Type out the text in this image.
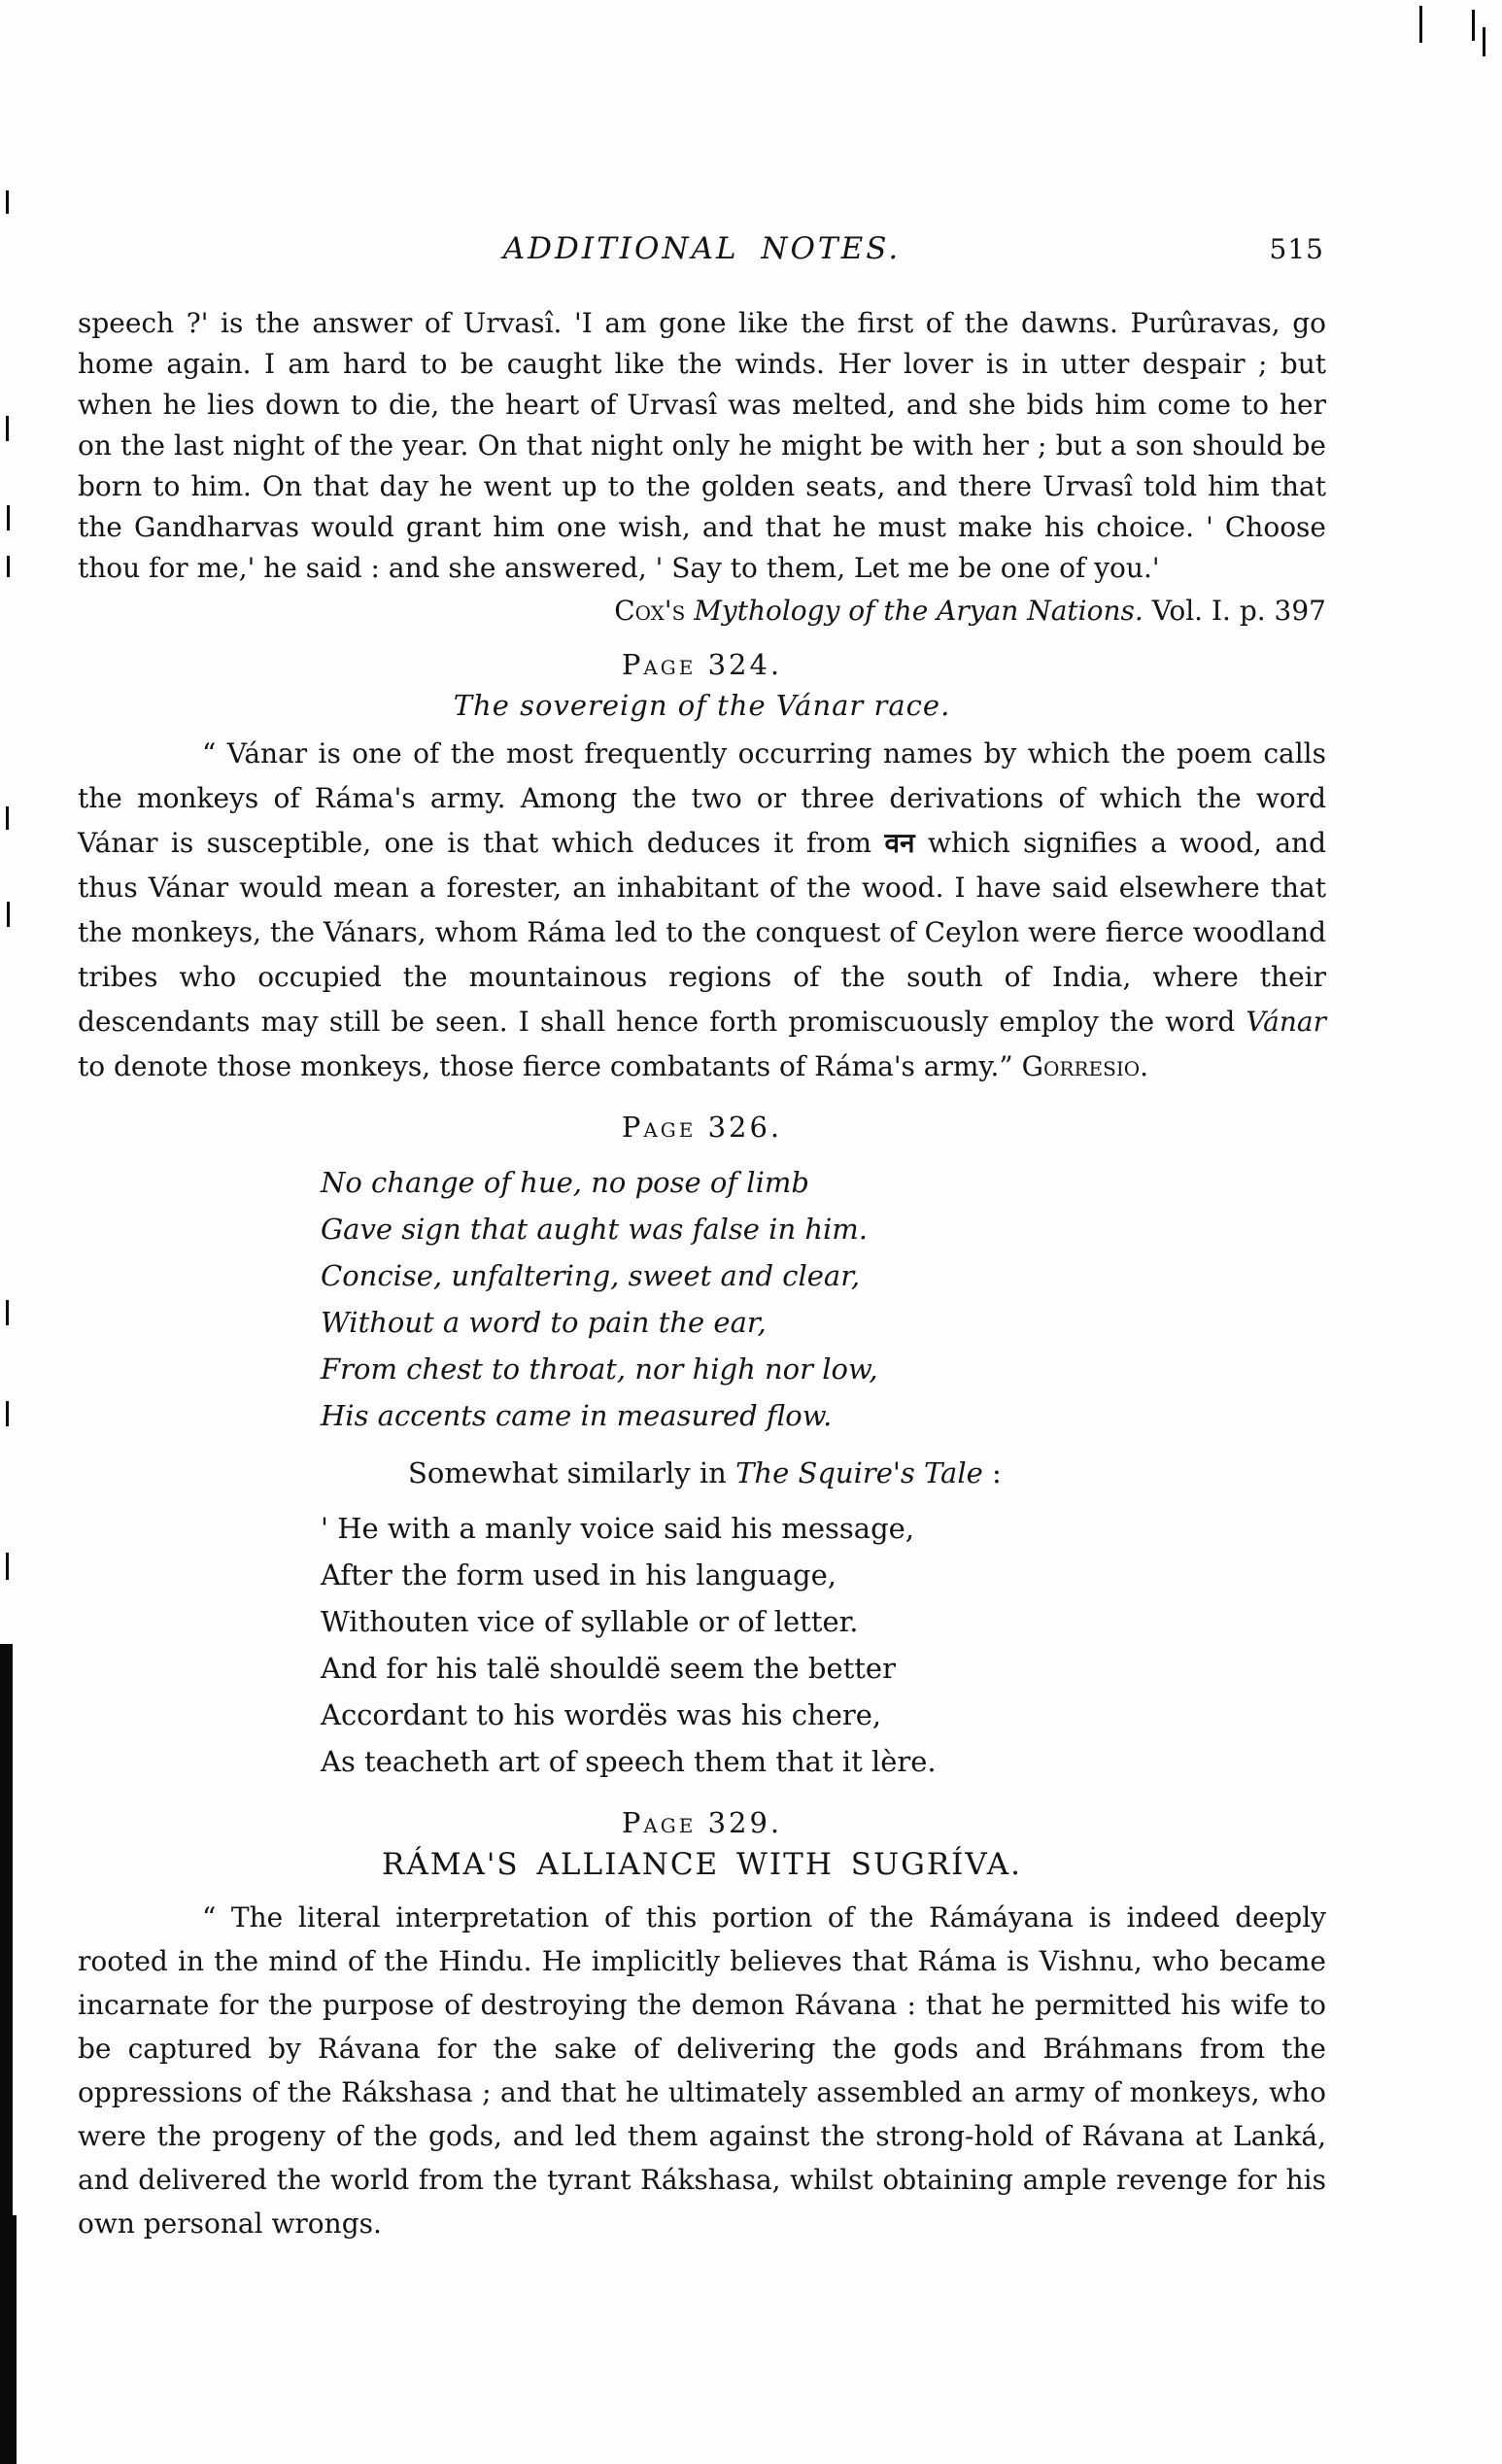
ADDITIONAL NOTES.	515

speech ?' is the answer of Urvasî. 'I am gone like the first of the dawns. Purûravas, go home again. I am hard to be caught like the winds. Her lover is in utter despair ; but when he lies down to die, the heart of Urvasî was melted, and she bids him come to her on the last night of the year. On that night only he might be with her ; but a son should be born to him. On that day he went up to the golden seats, and there Urvasî told him that the Gandharvas would grant him one wish, and that he must make his choice. ' Choose thou for me,' he said : and she answered, ' Say to them, Let me be one of you.'

Cox's Mythology of the Aryan Nations. Vol. I. p. 397
Page 324.
The sovereign of the Vánar race.

“ Vánar is one of the most frequently occurring names by which the poem calls the monkeys of Ráma's army. Among the two or three derivations of which the word Vánar is susceptible, one is that which deduces it from वन which signifies a wood, and thus Vánar would mean a forester, an inhabitant of the wood. I have said elsewhere that the monkeys, the Vánars, whom Ráma led to the conquest of Ceylon were fierce woodland tribes who occupied the mountainous regions of the south of India, where their descendants may still be seen. I shall hence forth promiscuously employ the word Vánar to denote those monkeys, those fierce combatants of Ráma's army.” Gorresio.

Page 326.
No change of hue, no pose of limb
Gave sign that aught was false in him.
Concise, unfaltering, sweet and clear,
Without a word to pain the ear,
From chest to throat, nor high nor low,
His accents came in measured flow.
Somewhat similarly in The Squire's Tale :
' He with a manly voice said his message,
After the form used in his language,
Withouten vice of syllable or of letter.
And for his talë shouldë seem the better
Accordant to his wordës was his chere,
As teacheth art of speech them that it lère.
Page 329.
RÁMA'S ALLIANCE WITH SUGRÍVA.

“ The literal interpretation of this portion of the Rámáyana is indeed deeply rooted in the mind of the Hindu. He implicitly believes that Ráma is Vishnu, who became incarnate for the purpose of destroying the demon Rávana : that he permitted his wife to be captured by Rávana for the sake of delivering the gods and Bráhmans from the oppressions of the Rákshasa ; and that he ultimately assembled an army of monkeys, who were the progeny of the gods, and led them against the strong-hold of Rávana at Lanká, and delivered the world from the tyrant Rákshasa, whilst obtaining ample revenge for his own personal wrongs.
